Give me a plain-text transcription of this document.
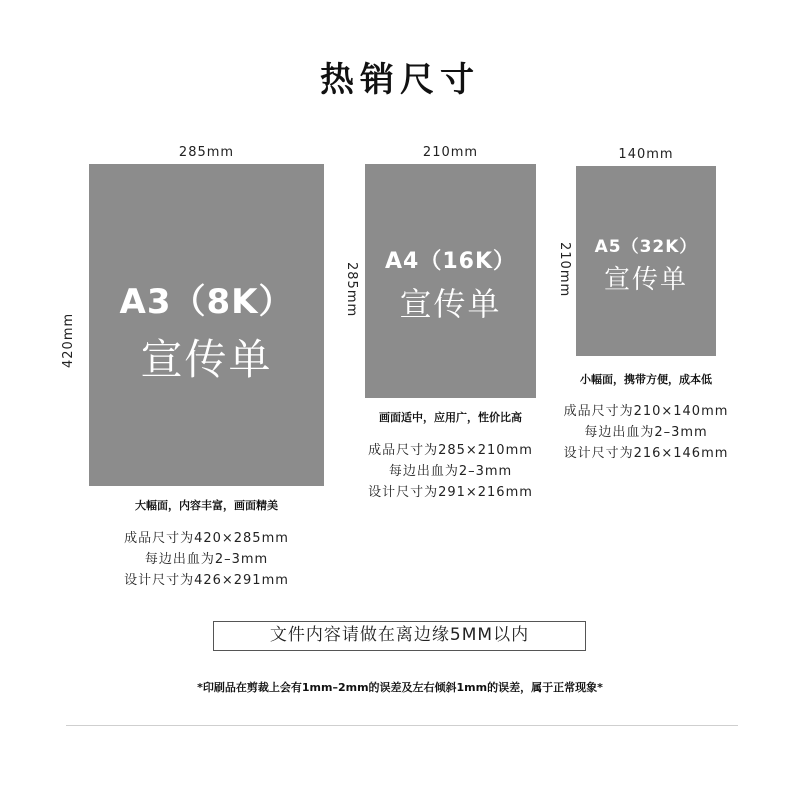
热销尺寸
285mm
420mm
A3（8K）
宣传单
大幅面，内容丰富，画面精美
成品尺寸为420×285mm
每边出血为2–3mm
设计尺寸为426×291mm
210mm
285mm
A4（16K）
宣传单
画面适中，应用广，性价比高
成品尺寸为285×210mm
每边出血为2–3mm
设计尺寸为291×216mm
140mm
210mm	A5（32K）
宣传单
小幅面，携带方便，成本低
成品尺寸为210×140mm
每边出血为2–3mm
设计尺寸为216×146mm
文件内容请做在离边缘5MM以内
*印刷品在剪裁上会有1mm–2mm的误差及左右倾斜1mm的误差，属于正常现象*
